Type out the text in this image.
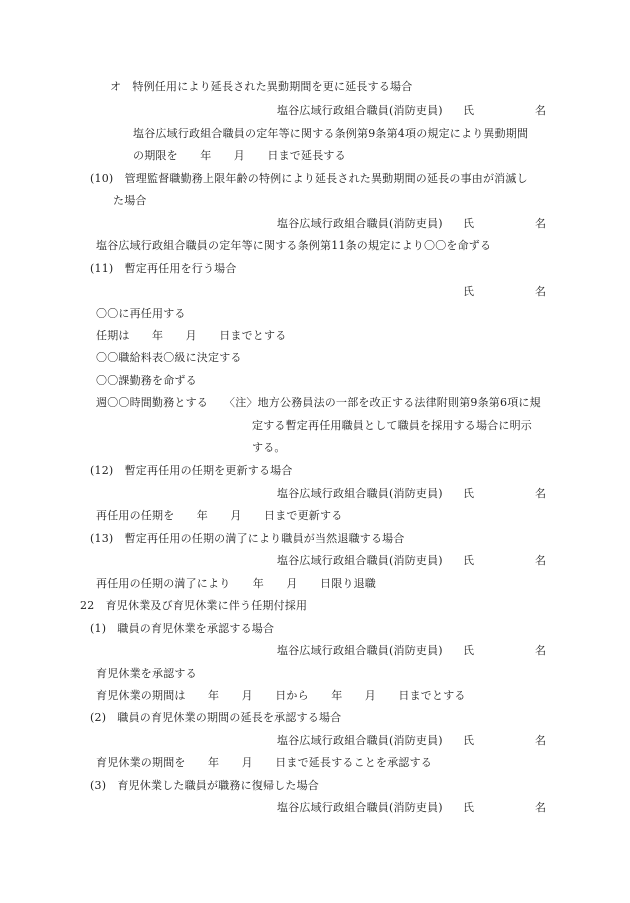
オ　特例任用により延長された異動期間を更に延長する場合
塩谷広域行政組合職員(消防吏員) 氏	名
塩谷広域行政組合職員の定年等に関する条例第9条第4項の規定により異動期間
の期限を　　年　　月　　日まで延長する
(10)　管理監督職勤務上限年齢の特例により延長された異動期間の延長の事由が消滅し
た場合
塩谷広域行政組合職員(消防吏員) 氏	名
塩谷広域行政組合職員の定年等に関する条例第11条の規定により〇〇を命ずる
(11)　暫定再任用を行う場合
氏	名
〇〇に再任用する
任期は　　年　　月　　日までとする
〇〇職給料表〇級に決定する
〇〇課勤務を命ずる
週〇〇時間勤務とする 〈注〉地方公務員法の一部を改正する法律附則第9条第6項に規
定する暫定再任用職員として職員を採用する場合に明示
する。
(12)　暫定再任用の任期を更新する場合
塩谷広域行政組合職員(消防吏員) 氏	名
再任用の任期を　　年　　月　　日まで更新する
(13)　暫定再任用の任期の満了により職員が当然退職する場合
塩谷広域行政組合職員(消防吏員) 氏	名
再任用の任期の満了により　　年　　月　　日限り退職
22　育児休業及び育児休業に伴う任期付採用
(1)　職員の育児休業を承認する場合
塩谷広域行政組合職員(消防吏員) 氏	名
育児休業を承認する
育児休業の期間は　　年　　月　　日から　　年　　月　　日までとする
(2)　職員の育児休業の期間の延長を承認する場合
塩谷広域行政組合職員(消防吏員) 氏	名
育児休業の期間を　　年　　月　　日まで延長することを承認する
(3)　育児休業した職員が職務に復帰した場合
塩谷広域行政組合職員(消防吏員) 氏	名
